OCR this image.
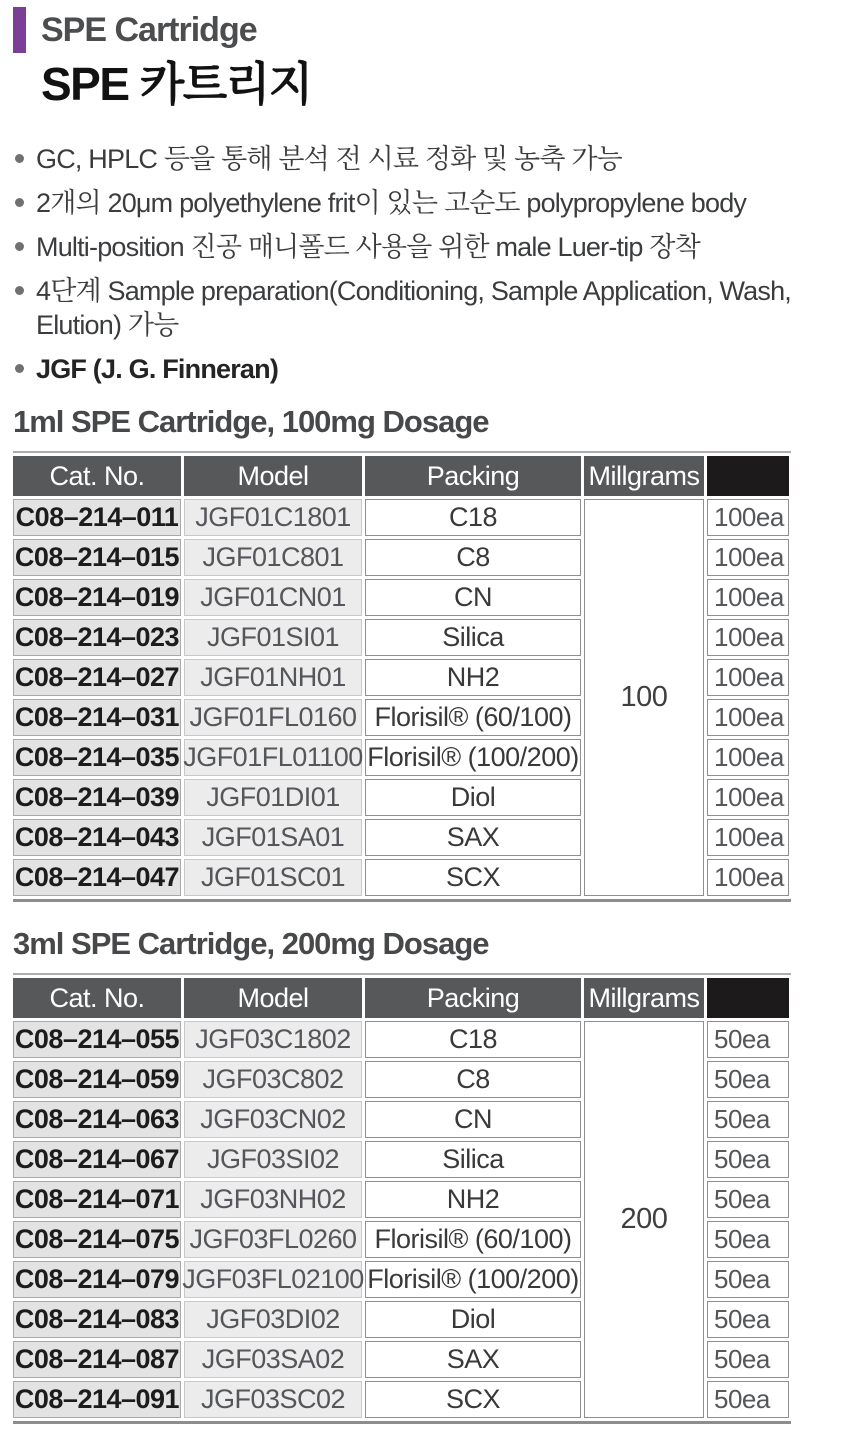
SPE Cartridge
SPE 카트리지
GC, HPLC 등을 통해 분석 전 시료 정화 및 농축 가능
2개의 20μm polyethylene frit이 있는 고순도 polypropylene body
Multi-position 진공 매니폴드 사용을 위한 male Luer-tip 장착
4단계 Sample preparation(Conditioning, Sample Application, Wash, Elution) 가능
JGF (J. G. Finneran)
1ml SPE Cartridge, 100mg Dosage
Cat. No.	Model	Packing	Millgrams
100
C08–214–011 JGF01C1801	C18	100ea
C08–214–015 JGF01C801	C8	100ea
C08–214–019 JGF01CN01	CN	100ea
C08–214–023	JGF01SI01	Silica	100ea
C08–214–027 JGF01NH01	NH2	100ea
C08–214–031 JGF01FL0160 Florisil® (60/100)	100ea
C08–214–035 JGF01FL01100 Florisil® (100/200)	100ea
C08–214–039	JGF01DI01	Diol	100ea
C08–214–043 JGF01SA01	SAX	100ea
C08–214–047 JGF01SC01	SCX	100ea
3ml SPE Cartridge, 200mg Dosage
Cat. No.	Model	Packing	Millgrams
200
C08–214–055 JGF03C1802	C18	50ea
C08–214–059 JGF03C802	C8	50ea
C08–214–063 JGF03CN02	CN	50ea
C08–214–067	JGF03SI02	Silica	50ea
C08–214–071 JGF03NH02	NH2	50ea
C08–214–075 JGF03FL0260 Florisil® (60/100)	50ea
C08–214–079 JGF03FL02100 Florisil® (100/200)	50ea
C08–214–083	JGF03DI02	Diol	50ea
C08–214–087 JGF03SA02	SAX	50ea
C08–214–091 JGF03SC02	SCX	50ea
